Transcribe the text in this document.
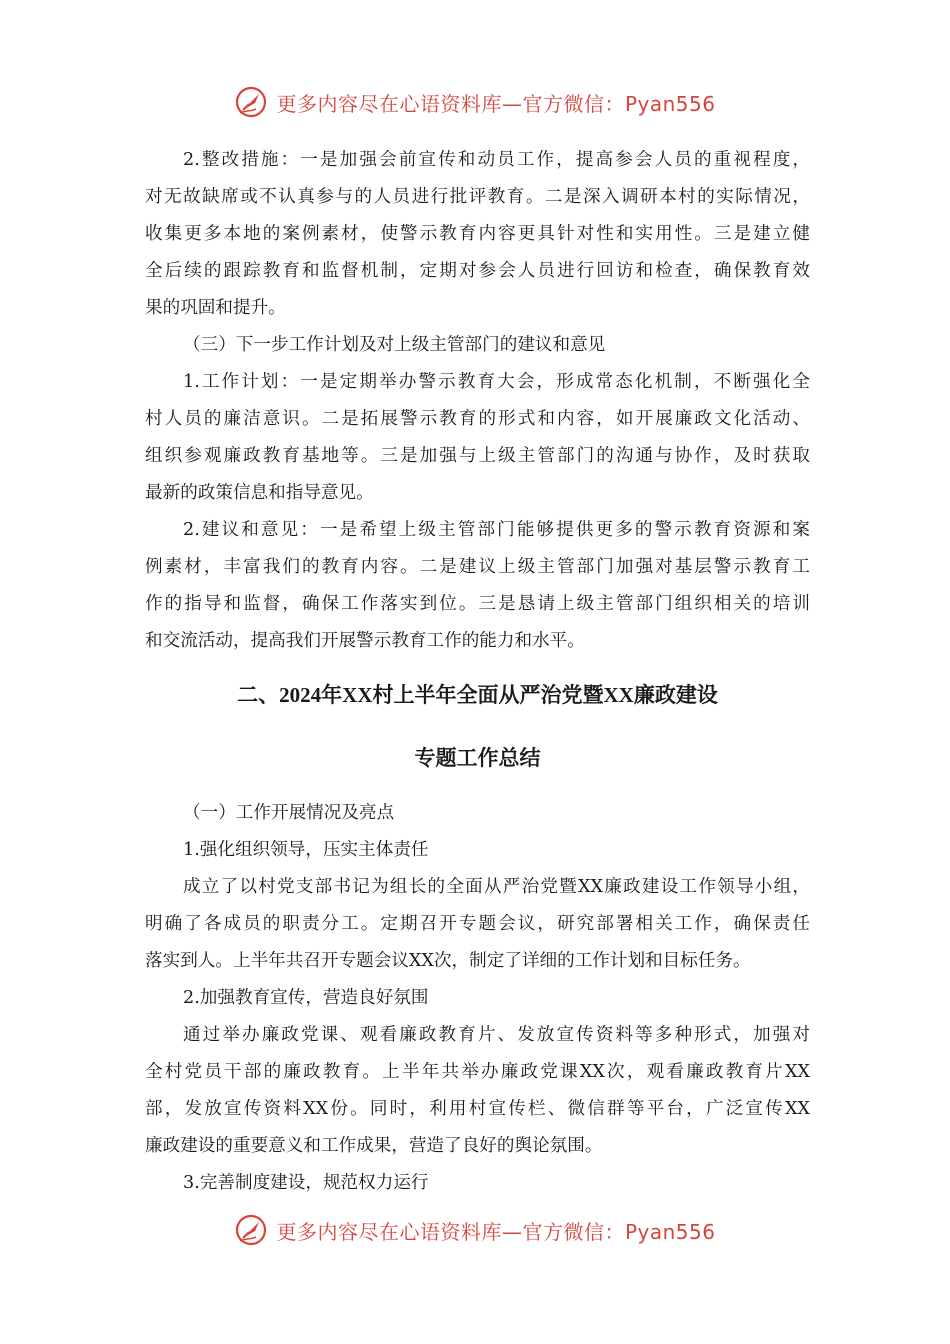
更多内容尽在心语资料库—官方微信：Pyan556

2.整改措施：一是加强会前宣传和动员工作，提高参会人员的重视程度，

对无故缺席或不认真参与的人员进行批评教育。二是深入调研本村的实际情况，

收集更多本地的案例素材，使警示教育内容更具针对性和实用性。三是建立健

全后续的跟踪教育和监督机制，定期对参会人员进行回访和检查，确保教育效

果的巩固和提升。

（三）下一步工作计划及对上级主管部门的建议和意见

1.工作计划：一是定期举办警示教育大会，形成常态化机制，不断强化全

村人员的廉洁意识。二是拓展警示教育的形式和内容，如开展廉政文化活动、

组织参观廉政教育基地等。三是加强与上级主管部门的沟通与协作，及时获取

最新的政策信息和指导意见。

2.建议和意见：一是希望上级主管部门能够提供更多的警示教育资源和案

例素材，丰富我们的教育内容。二是建议上级主管部门加强对基层警示教育工

作的指导和监督，确保工作落实到位。三是恳请上级主管部门组织相关的培训

和交流活动，提高我们开展警示教育工作的能力和水平。

二、2024年XX村上半年全面从严治党暨XX廉政建设
专题工作总结

（一）工作开展情况及亮点

1.强化组织领导，压实主体责任

成立了以村党支部书记为组长的全面从严治党暨XX廉政建设工作领导小组，

明确了各成员的职责分工。定期召开专题会议，研究部署相关工作，确保责任

落实到人。上半年共召开专题会议XX次，制定了详细的工作计划和目标任务。

2.加强教育宣传，营造良好氛围

通过举办廉政党课、观看廉政教育片、发放宣传资料等多种形式，加强对

全村党员干部的廉政教育。上半年共举办廉政党课XX次，观看廉政教育片XX

部，发放宣传资料XX份。同时，利用村宣传栏、微信群等平台，广泛宣传XX

廉政建设的重要意义和工作成果，营造了良好的舆论氛围。

3.完善制度建设，规范权力运行

更多内容尽在心语资料库—官方微信：Pyan556
